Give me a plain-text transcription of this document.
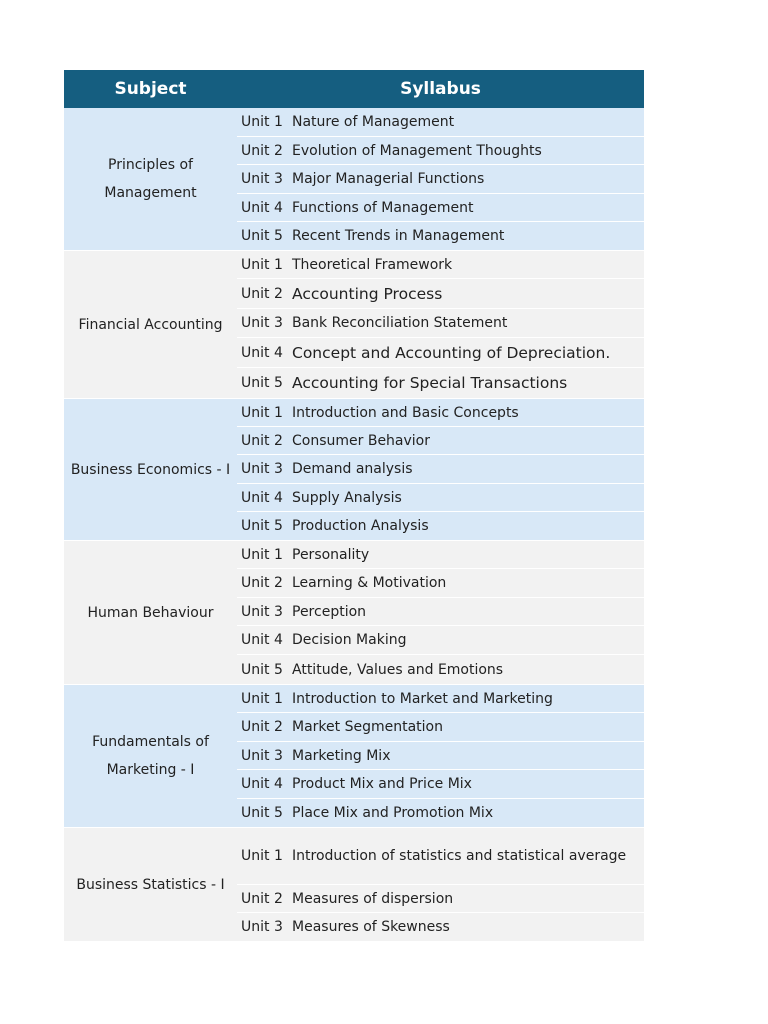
Subject	Syllabus
Principles of
Management
Unit 1 Nature of Management
Unit 2 Evolution of Management Thoughts
Unit 3 Major Managerial Functions
Unit 4 Functions of Management
Unit 5 Recent Trends in Management
Financial Accounting
Unit 1 Theoretical Framework
Unit 2 Accounting Process
Unit 3 Bank Reconciliation Statement
Unit 4 Concept and Accounting of Depreciation.
Unit 5 Accounting for Special Transactions
Business Economics - I
Unit 1 Introduction and Basic Concepts
Unit 2 Consumer Behavior
Unit 3 Demand analysis
Unit 4 Supply Analysis
Unit 5 Production Analysis
Human Behaviour
Unit 1 Personality
Unit 2 Learning & Motivation
Unit 3 Perception
Unit 4 Decision Making
Unit 5 Attitude, Values and Emotions
Fundamentals of
Marketing - I
Unit 1 Introduction to Market and Marketing
Unit 2 Market Segmentation
Unit 3 Marketing Mix
Unit 4 Product Mix and Price Mix
Unit 5 Place Mix and Promotion Mix
Business Statistics - I
Unit 1 Introduction of statistics and statistical average
Unit 2 Measures of dispersion
Unit 3 Measures of Skewness
